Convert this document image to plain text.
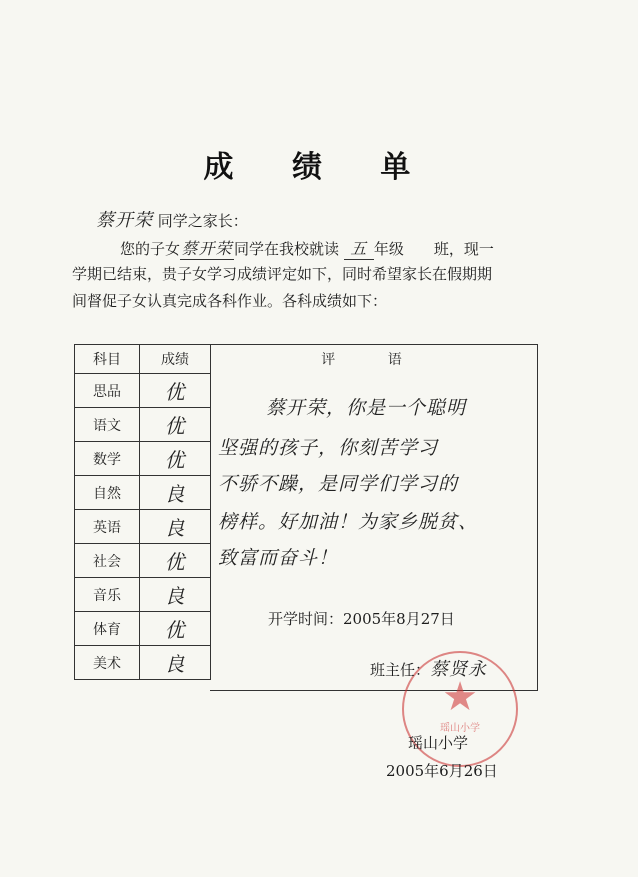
成 绩 单
蔡开荣 同学之家长：
您的子女蔡开荣 同学在我校就读 五 年级　　班，现一
学期已结束，贵子女学习成绩评定如下，同时希望家长在假期期
间督促子女认真完成各科作业。各科成绩如下：
科目	成绩
思品	优
语文	优
数学	优
自然	良
英语	良
社会	优
音乐	良
体育	优
美术	良
评 语
蔡开荣，你是一个聪明
坚强的孩子，你刻苦学习
不骄不躁，是同学们学习的
榜样。好加油！为家乡脱贫、
致富而奋斗！
开学时间：2005年8月27日
★
瑶山小学
班主任：蔡贤永
瑶山小学
2005年6月26日
